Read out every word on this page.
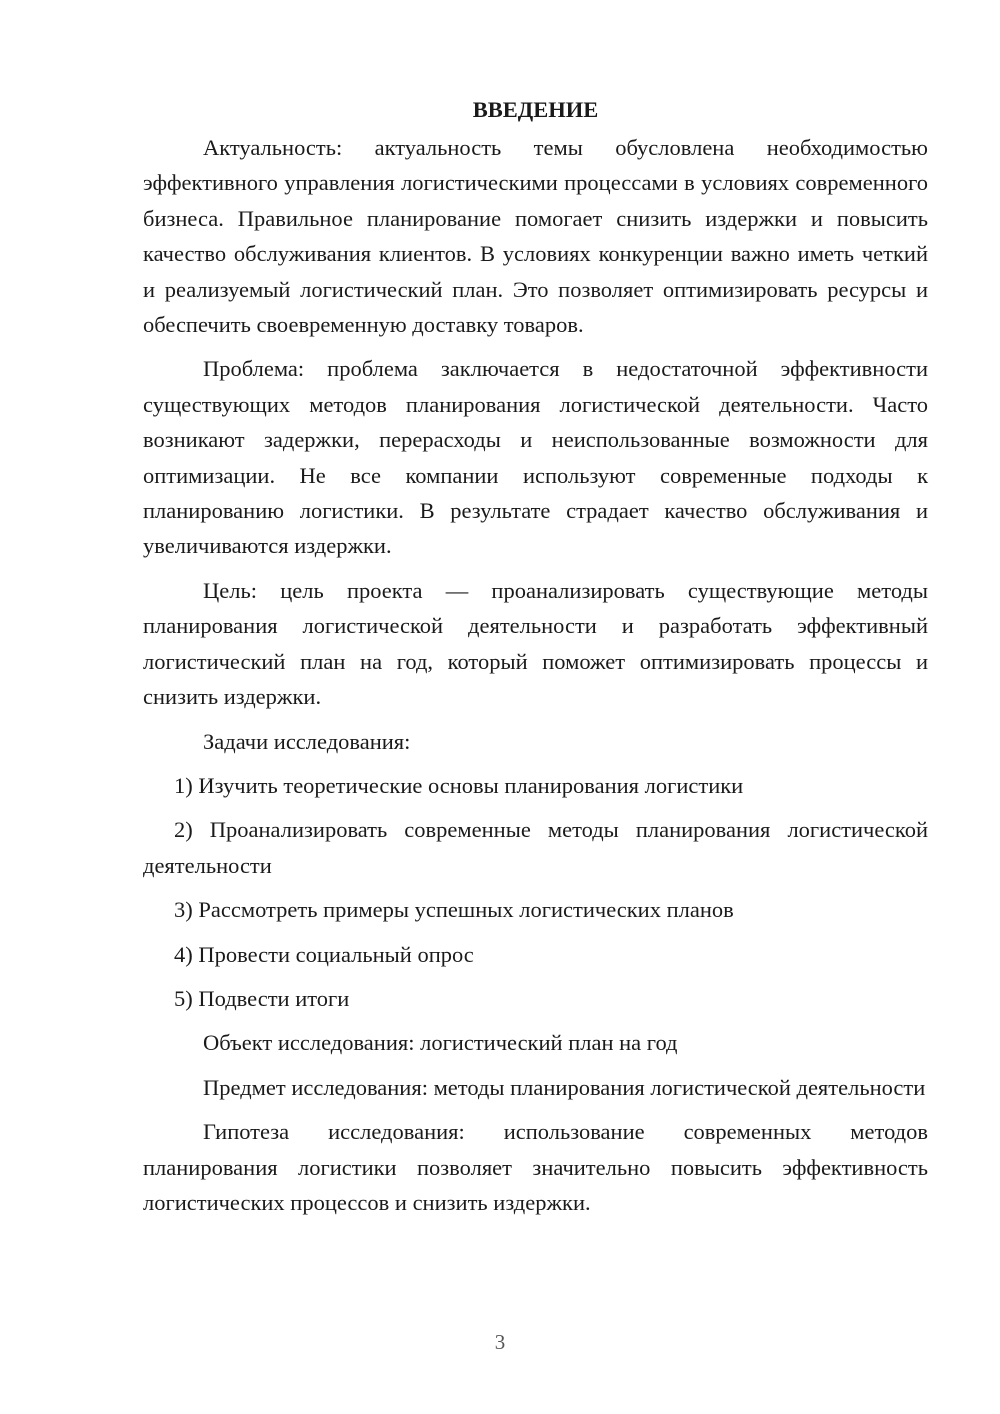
ВВЕДЕНИЕ

Актуальность: актуальность темы обусловлена необходимостью эффективного управления логистическими процессами в условиях современного бизнеса. Правильное планирование помогает снизить издержки и повысить качество обслуживания клиентов. В условиях конкуренции важно иметь четкий и реализуемый логистический план. Это позволяет оптимизировать ресурсы и обеспечить своевременную доставку товаров.

Проблема: проблема заключается в недостаточной эффективности существующих методов планирования логистической деятельности. Часто возникают задержки, перерасходы и неиспользованные возможности для оптимизации. Не все компании используют современные подходы к планированию логистики. В результате страдает качество обслуживания и увеличиваются издержки.

Цель: цель проекта — проанализировать существующие методы планирования логистической деятельности и разработать эффективный логистический план на год, который поможет оптимизировать процессы и снизить издержки.

Задачи исследования:

1) Изучить теоретические основы планирования логистики

2) Проанализировать современные методы планирования логистической деятельности

3) Рассмотреть примеры успешных логистических планов

4) Провести социальный опрос

5) Подвести итоги

Объект исследования: логистический план на год

Предмет исследования: методы планирования логистической деятельности

Гипотеза исследования: использование современных методов планирования логистики позволяет значительно повысить эффективность логистических процессов и снизить издержки.

3
